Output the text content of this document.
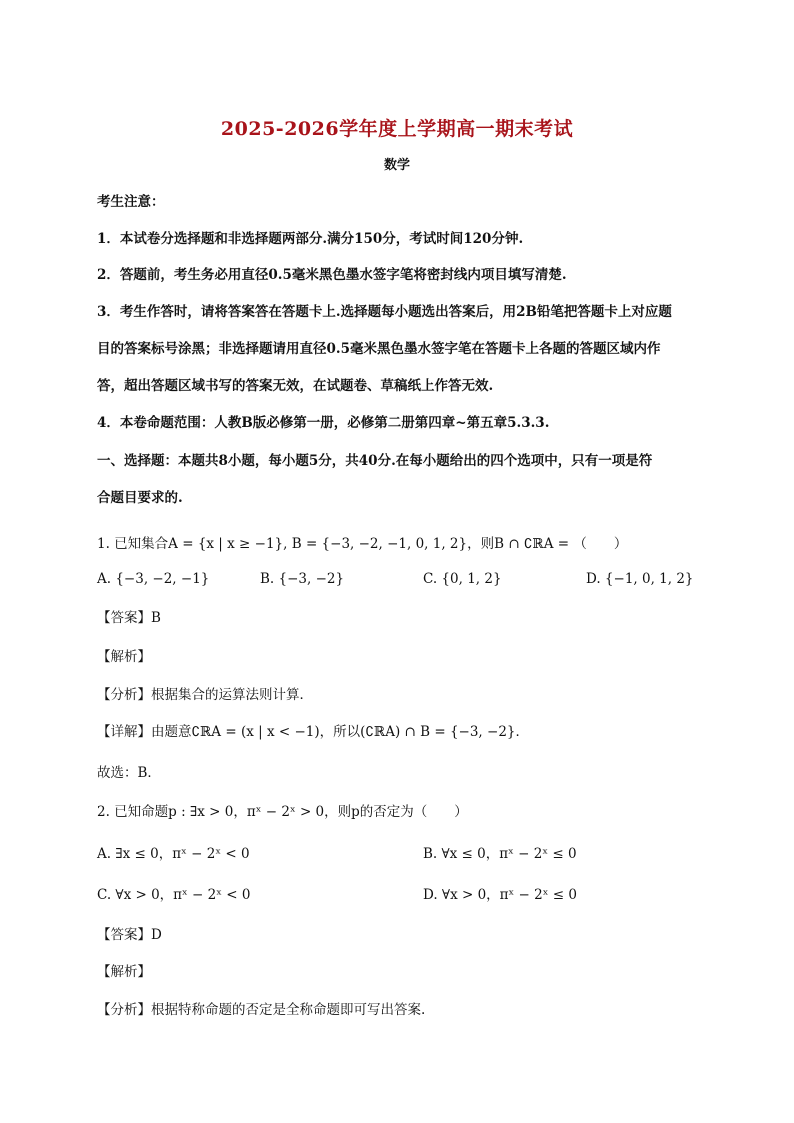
2025-2026学年度上学期高一期末考试
数学
考生注意：
1．本试卷分选择题和非选择题两部分.满分150分，考试时间120分钟.
2．答题前，考生务必用直径0.5毫米黑色墨水签字笔将密封线内项目填写清楚.
3．考生作答时，请将答案答在答题卡上.选择题每小题选出答案后，用2B铅笔把答题卡上对应题
目的答案标号涂黑；非选择题请用直径0.5毫米黑色墨水签字笔在答题卡上各题的答题区域内作
答，超出答题区域书写的答案无效，在试题卷、草稿纸上作答无效.
4．本卷命题范围：人教B版必修第一册，必修第二册第四章~第五章5.3.3.
一、选择题：本题共8小题，每小题5分，共40分.在每小题给出的四个选项中，只有一项是符
合题目要求的.
1. 已知集合A = {x | x ≥ −1}, B = {−3, −2, −1, 0, 1, 2}，则B ∩ ∁ℝA = （　　）
A. {−3, −2, −1}	B. {−3, −2}	C. {0, 1, 2}	D. {−1, 0, 1, 2}
【答案】B
【解析】
【分析】根据集合的运算法则计算．
【详解】由题意∁ℝA = (x | x < −1)，所以(∁ℝA) ∩ B = {−3, −2}．
故选：B．
2. 已知命题p : ∃x > 0，πˣ − 2ˣ > 0，则p的否定为（　　）
A. ∃x ≤ 0，πˣ − 2ˣ < 0	B. ∀x ≤ 0，πˣ − 2ˣ ≤ 0
C. ∀x > 0，πˣ − 2ˣ < 0	D. ∀x > 0，πˣ − 2ˣ ≤ 0
【答案】D
【解析】
【分析】根据特称命题的否定是全称命题即可写出答案.
